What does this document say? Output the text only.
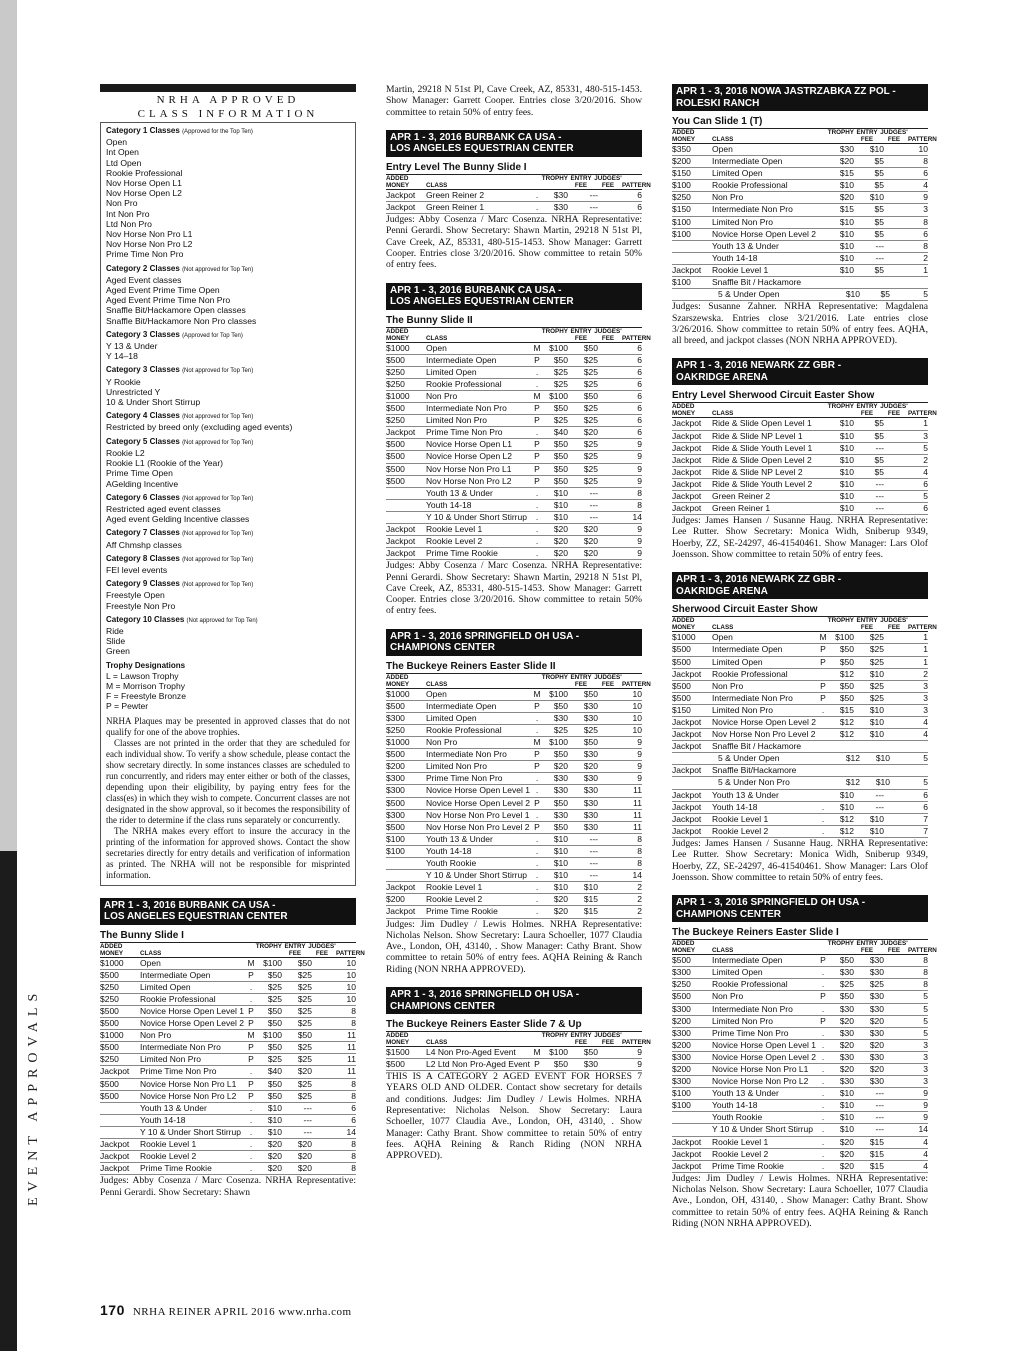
EVENT APPROVALS
NRHA APPROVED
CLASS INFORMATION
Category 1 Classes (Approved for the Top Ten)
Open
Int Open
Ltd Open
Rookie Professional
Nov Horse Open L1
Nov Horse Open L2
Non Pro
Int Non Pro
Ltd Non Pro
Nov Horse Non Pro L1
Nov Horse Non Pro L2
Prime Time Non Pro
Category 2 Classes (Not approved for Top Ten)
Aged Event classes
Aged Event Prime Time Open
Aged Event Prime Time Non Pro
Snaffle Bit/Hackamore Open classes
Snaffle Bit/Hackamore Non Pro classes
Category 3 Classes (Approved for Top Ten)
Y 13 & Under
Y 14–18
Category 3 Classes (Not approved for Top Ten)
Y Rookie
Unrestricted Y
10 & Under Short Stirrup
Category 4 Classes (Not approved for Top Ten)
Restricted by breed only (excluding aged events)
Category 5 Classes (Not approved for Top Ten)
Rookie L2
Rookie L1 (Rookie of the Year)
Prime Time Open
AGelding Incentive
Category 6 Classes (Not approved for Top Ten)
Restricted aged event classes
Aged event Gelding Incentive classes
Category 7 Classes (Not approved for Top Ten)
Aff Chmshp classes
Category 8 Classes (Not approved for Top Ten)
FEI level events
Category 9 Classes (Not approved for Top Ten)
Freestyle Open
Freestyle Non Pro
Category 10 Classes (Not approved for Top Ten)
Ride
Slide
Green
Trophy Designations
L = Lawson Trophy
M = Morrison Trophy
F = Freestyle Bronze
P = Pewter
NRHA Plaques may be presented in approved classes that do not qualify for one of the above trophies.
Classes are not printed in the order that they are scheduled for each individual show. To verify a show schedule, please contact the show secretary directly. In some instances classes are scheduled to run concurrently, and riders may enter either or both of the classes, depending upon their eligibility, by paying entry fees for the class(es) in which they wish to compete. Concurrent classes are not designated in the show approval, so it becomes the responsibility of the rider to determine if the class runs separately or concurrently.
The NRHA makes every effort to insure the accuracy in the printing of the information for approved shows. Contact the show secretaries directly for entry details and verification of information as printed. The NRHA will not be responsible for misprinted information.
APR 1 - 3, 2016 BURBANK CA USA -
LOS ANGELES EQUESTRIAN CENTER
The Bunny Slide I
ADDED
MONEY	CLASS
TROPHY ENTRY
FEE
JUDGES'
FEE PATTERN
$1000	Open	M	$100	$50	10
$500	Intermediate Open	P	$50	$25	10
$250	Limited Open	.	$25	$25	10
$250	Rookie Professional	.	$25	$25	10
$500	Novice Horse Open Level 1 P	$50	$25	8
$500	Novice Horse Open Level 2 P	$50	$25	8
$1000	Non Pro	M	$100	$50	11
$500	Intermediate Non Pro	P	$50	$25	11
$250	Limited Non Pro	P	$25	$25	11
Jackpot	Prime Time Non Pro	.	$40	$20	11
$500	Novice Horse Non Pro L1	P	$50	$25	8
$500	Novice Horse Non Pro L2	P	$50	$25	8
Youth 13 & Under	.	$10	---	6
Youth 14-18	.	$10	---	6
Y 10 & Under Short Stirrup	.	$10	---	14
Jackpot	Rookie Level 1	.	$20	$20	8
Jackpot	Rookie Level 2	.	$20	$20	8
Jackpot	Prime Time Rookie	.	$20	$20	8
Judges: Abby Cosenza / Marc Cosenza. NRHA Representative: Penni Gerardi. Show Secretary: Shawn
Martin, 29218 N 51st Pl, Cave Creek, AZ, 85331, 480-515-1453. Show Manager: Garrett Cooper. Entries close 3/20/2016. Show committee to retain 50% of entry fees.
APR 1 - 3, 2016 BURBANK CA USA -
LOS ANGELES EQUESTRIAN CENTER
Entry Level The Bunny Slide I
ADDED
MONEY	CLASS
TROPHY ENTRY
FEE
JUDGES'
FEE PATTERN
Jackpot	Green Reiner 2	.	$30	---	6
Jackpot	Green Reiner 1	.	$30	---	6
Judges: Abby Cosenza / Marc Cosenza. NRHA Representative: Penni Gerardi. Show Secretary: Shawn Martin, 29218 N 51st Pl, Cave Creek, AZ, 85331, 480-515-1453. Show Manager: Garrett Cooper. Entries close 3/20/2016. Show committee to retain 50% of entry fees.
APR 1 - 3, 2016 BURBANK CA USA -
LOS ANGELES EQUESTRIAN CENTER
The Bunny Slide II
ADDED
MONEY	CLASS
TROPHY ENTRY
FEE
JUDGES'
FEE PATTERN
$1000	Open	M	$100	$50	6
$500	Intermediate Open	P	$50	$25	6
$250	Limited Open	.	$25	$25	6
$250	Rookie Professional	.	$25	$25	6
$1000	Non Pro	M	$100	$50	6
$500	Intermediate Non Pro	P	$50	$25	6
$250	Limited Non Pro	P	$25	$25	6
Jackpot	Prime Time Non Pro	.	$40	$20	6
$500	Novice Horse Open L1	P	$50	$25	9
$500	Novice Horse Open L2	P	$50	$25	9
$500	Nov Horse Non Pro L1	P	$50	$25	9
$500	Nov Horse Non Pro L2	P	$50	$25	9
Youth 13 & Under	.	$10	---	8
Youth 14-18	.	$10	---	8
Y 10 & Under Short Stirrup	.	$10	---	14
Jackpot	Rookie Level 1	.	$20	$20	9
Jackpot	Rookie Level 2	.	$20	$20	9
Jackpot	Prime Time Rookie	.	$20	$20	9
Judges: Abby Cosenza / Marc Cosenza. NRHA Representative: Penni Gerardi. Show Secretary: Shawn Martin, 29218 N 51st Pl, Cave Creek, AZ, 85331, 480-515-1453. Show Manager: Garrett Cooper. Entries close 3/20/2016. Show committee to retain 50% of entry fees.
APR 1 - 3, 2016 SPRINGFIELD OH USA -
CHAMPIONS CENTER
The Buckeye Reiners Easter Slide II
ADDED
MONEY	CLASS
TROPHY ENTRY
FEE
JUDGES'
FEE PATTERN
$1000	Open	M	$100	$50	10
$500	Intermediate Open	P	$50	$30	10
$300	Limited Open	.	$30	$30	10
$250	Rookie Professional	.	$25	$25	10
$1000	Non Pro	M	$100	$50	9
$500	Intermediate Non Pro	P	$50	$30	9
$200	Limited Non Pro	P	$20	$20	9
$300	Prime Time Non Pro	.	$30	$30	9
$300	Novice Horse Open Level 1 .	$30	$30	11
$500	Novice Horse Open Level 2 P	$50	$30	11
$300	Nov Horse Non Pro Level 1 .	$30	$30	11
$500	Nov Horse Non Pro Level 2 P	$50	$30	11
$100	Youth 13 & Under	.	$10	---	8
$100	Youth 14-18	.	$10	---	8
Youth Rookie	.	$10	---	8
Y 10 & Under Short Stirrup	.	$10	---	14
Jackpot	Rookie Level 1	.	$10	$10	2
$200	Rookie Level 2	.	$20	$15	2
Jackpot	Prime Time Rookie	.	$20	$15	2
Judges: Jim Dudley / Lewis Holmes. NRHA Representative: Nicholas Nelson. Show Secretary: Laura Schoeller, 1077 Claudia Ave., London, OH, 43140, . Show Manager: Cathy Brant. Show committee to retain 50% of entry fees. AQHA Reining & Ranch Riding (NON NRHA APPROVED).
APR 1 - 3, 2016 SPRINGFIELD OH USA -
CHAMPIONS CENTER
The Buckeye Reiners Easter Slide 7 & Up
ADDED
MONEY	CLASS
TROPHY ENTRY
FEE
JUDGES'
FEE PATTERN
$1500	L4 Non Pro-Aged Event	M	$100	$50	9
$500	L2 Ltd Non Pro-Aged Event P	$50	$30	9
THIS IS A CATEGORY 2 AGED EVENT FOR HORSES 7 YEARS OLD AND OLDER. Contact show secretary for details and conditions. Judges: Jim Dudley / Lewis Holmes. NRHA Representative: Nicholas Nelson. Show Secretary: Laura Schoeller, 1077 Claudia Ave., London, OH, 43140, . Show Manager: Cathy Brant. Show committee to retain 50% of entry fees. AQHA Reining & Ranch Riding (NON NRHA APPROVED).
APR 1 - 3, 2016 NOWA JASTRZABKA ZZ POL -
ROLESKI RANCH
You Can Slide 1 (T)
ADDED
MONEY	CLASS
TROPHY ENTRY
FEE
JUDGES'
FEE PATTERN
$350	Open	$30	$10	10
$200	Intermediate Open	$20	$5	8
$150	Limited Open	$15	$5	6
$100	Rookie Professional	$10	$5	4
$250	Non Pro	$20	$10	9
$150	Intermediate Non Pro	$15	$5	3
$100	Limited Non Pro	$10	$5	8
$100	Novice Horse Open Level 2	$10	$5	6
Youth 13 & Under	$10	---	8
Youth 14-18	$10	---	2
Jackpot	Rookie Level 1	$10	$5	1
$100	Snaffle Bit / Hackamore
5 & Under Open	$10	$5	5
Judges: Susanne Zahner. NRHA Representative: Magdalena Szarszewska. Entries close 3/21/2016. Late entries close 3/26/2016. Show committee to retain 50% of entry fees. AQHA, all breed, and jackpot classes (NON NRHA APPROVED).
APR 1 - 3, 2016 NEWARK ZZ GBR -
OAKRIDGE ARENA
Entry Level Sherwood Circuit Easter Show
ADDED
MONEY	CLASS
TROPHY ENTRY
FEE
JUDGES'
FEE PATTERN
Jackpot	Ride & Slide Open Level 1	$10	$5	1
Jackpot	Ride & Slide NP Level 1	$10	$5	3
Jackpot	Ride & Slide Youth Level 1	$10	---	5
Jackpot	Ride & Slide Open Level 2	$10	$5	2
Jackpot	Ride & Slide NP Level 2	$10	$5	4
Jackpot	Ride & Slide Youth Level 2	$10	---	6
Jackpot	Green Reiner 2	$10	---	5
Jackpot	Green Reiner 1	$10	---	6
Judges: James Hansen / Susanne Haug. NRHA Representative: Lee Rutter. Show Secretary: Monica Widh, Sniberup 9349, Hoerby, ZZ, SE-24297, 46-41540461. Show Manager: Lars Olof Joensson. Show committee to retain 50% of entry fees.
APR 1 - 3, 2016 NEWARK ZZ GBR -
OAKRIDGE ARENA
Sherwood Circuit Easter Show
ADDED
MONEY	CLASS
TROPHY ENTRY
FEE
JUDGES'
FEE PATTERN
$1000	Open	M	$100	$25	1
$500	Intermediate Open	P	$50	$25	1
$500	Limited Open	P	$50	$25	1
Jackpot	Rookie Professional	$12	$10	2
$500	Non Pro	P	$50	$25	3
$500	Intermediate Non Pro	P	$50	$25	3
$150	Limited Non Pro	.	$15	$10	3
Jackpot	Novice Horse Open Level 2	$12	$10	4
Jackpot	Nov Horse Non Pro Level 2	$12	$10	4
Jackpot	Snaffle Bit / Hackamore
5 & Under Open	$12	$10	5
Jackpot	Snaffle Bit/Hackamore
5 & Under Non Pro	$12	$10	5
Jackpot	Youth 13 & Under	$10	---	6
Jackpot	Youth 14-18	.	$10	---	6
Jackpot	Rookie Level 1	.	$12	$10	7
Jackpot	Rookie Level 2	.	$12	$10	7
Judges: James Hansen / Susanne Haug. NRHA Representative: Lee Rutter. Show Secretary: Monica Widh, Sniberup 9349, Hoerby, ZZ, SE-24297, 46-41540461. Show Manager: Lars Olof Joensson. Show committee to retain 50% of entry fees.
APR 1 - 3, 2016 SPRINGFIELD OH USA -
CHAMPIONS CENTER
The Buckeye Reiners Easter Slide I
ADDED
MONEY	CLASS
TROPHY ENTRY
FEE
JUDGES'
FEE PATTERN
$500	Intermediate Open	P	$50	$30	8
$300	Limited Open	.	$30	$30	8
$250	Rookie Professional	.	$25	$25	8
$500	Non Pro	P	$50	$30	5
$300	Intermediate Non Pro	.	$30	$30	5
$200	Limited Non Pro	P	$20	$20	5
$300	Prime Time Non Pro	.	$30	$30	5
$200	Novice Horse Open Level 1 .	$20	$20	3
$300	Novice Horse Open Level 2 .	$30	$30	3
$200	Novice Horse Non Pro L1	.	$20	$20	3
$300	Novice Horse Non Pro L2	.	$30	$30	3
$100	Youth 13 & Under	.	$10	---	9
$100	Youth 14-18	.	$10	---	9
Youth Rookie	.	$10	---	9
Y 10 & Under Short Stirrup	.	$10	---	14
Jackpot	Rookie Level 1	.	$20	$15	4
Jackpot	Rookie Level 2	.	$20	$15	4
Jackpot	Prime Time Rookie	.	$20	$15	4
Judges: Jim Dudley / Lewis Holmes. NRHA Representative: Nicholas Nelson. Show Secretary: Laura Schoeller, 1077 Claudia Ave., London, OH, 43140, . Show Manager: Cathy Brant. Show committee to retain 50% of entry fees. AQHA Reining & Ranch Riding (NON NRHA APPROVED).
170 NRHA REINER APRIL 2016 www.nrha.com
